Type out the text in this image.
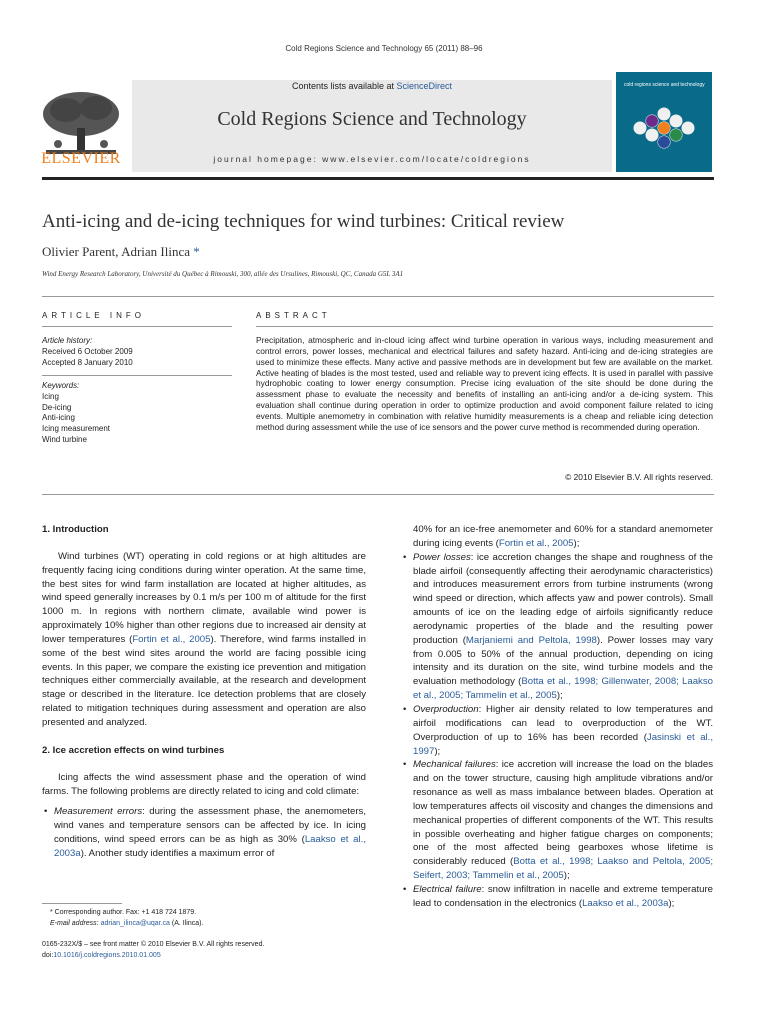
Cold Regions Science and Technology 65 (2011) 88–96
ELSEVIER
Contents lists available at ScienceDirect
Cold Regions Science and Technology
journal homepage: www.elsevier.com/locate/coldregions
cold regions science and technology
Anti-icing and de-icing techniques for wind turbines: Critical review
Olivier Parent, Adrian Ilinca *
Wind Energy Research Laboratory, Université du Québec à Rimouski, 300, allée des Ursulines, Rimouski, QC, Canada G5L 3A1
ARTICLE INFO
Article history:
Received 6 October 2009
Accepted 8 January 2010
Keywords:
Icing
De-icing
Anti-icing
Icing measurement
Wind turbine
ABSTRACT
Precipitation, atmospheric and in-cloud icing affect wind turbine operation in various ways, including measurement and control errors, power losses, mechanical and electrical failures and safety hazard. Anti-icing and de-icing strategies are used to minimize these effects. Many active and passive methods are in development but few are available on the market. Active heating of blades is the most tested, used and reliable way to prevent icing effects. It is used in parallel with passive hydrophobic coating to lower energy consumption. Precise icing evaluation of the site should be done during the assessment phase to evaluate the necessity and benefits of installing an anti-icing and/or a de-icing system. This evaluation shall continue during operation in order to optimize production and avoid component failure related to icing events. Multiple anemometry in combination with relative humidity measurements is a cheap and reliable icing detection method during assessment while the use of ice sensors and the power curve method is recommended during operation.
© 2010 Elsevier B.V. All rights reserved.
1. Introduction

Wind turbines (WT) operating in cold regions or at high altitudes are frequently facing icing conditions during winter operation. At the same time, the best sites for wind farm installation are located at higher altitudes, as wind speed generally increases by 0.1 m/s per 100 m of altitude for the first 1000 m. In regions with northern climate, available wind power is approximately 10% higher than other regions due to increased air density at lower temperatures (Fortin et al., 2005). Therefore, wind farms installed in some of the best wind sites around the world are facing possible icing events. In this paper, we compare the existing ice prevention and mitigation techniques either commercially available, at the research and development stage or described in the literature. Ice detection problems that are closely related to mitigation techniques during assessment and operation are also presented and analyzed.

2. Ice accretion effects on wind turbines

Icing affects the wind assessment phase and the operation of wind farms. The following problems are directly related to icing and cold climate:

• Measurement errors: during the assessment phase, the anemometers, wind vanes and temperature sensors can be affected by ice. In icing conditions, wind speed errors can be as high as 30% (Laakso et al., 2003a). Another study identifies a maximum error of

40% for an ice-free anemometer and 60% for a standard anemometer during icing events (Fortin et al., 2005);

• Power losses: ice accretion changes the shape and roughness of the blade airfoil (consequently affecting their aerodynamic characteristics) and introduces measurement errors from turbine instruments (wrong wind speed or direction, which affects yaw and power controls). Small amounts of ice on the leading edge of airfoils significantly reduce aerodynamic properties of the blade and the resulting power production (Marjaniemi and Peltola, 1998). Power losses may vary from 0.005 to 50% of the annual production, depending on icing intensity and its duration on the site, wind turbine models and the evaluation methodology (Botta et al., 1998; Gillenwater, 2008; Laakso et al., 2005; Tammelin et al., 2005);

• Overproduction: Higher air density related to low temperatures and airfoil modifications can lead to overproduction of the WT. Overproduction of up to 16% has been recorded (Jasinski et al., 1997);

• Mechanical failures: ice accretion will increase the load on the blades and on the tower structure, causing high amplitude vibrations and/or resonance as well as mass imbalance between blades. Operation at low temperatures affects oil viscosity and changes the dimensions and mechanical properties of different components of the WT. This results in possible overheating and higher fatigue charges on components; one of the most affected being gearboxes whose lifetime is considerably reduced (Botta et al., 1998; Laakso and Peltola, 2005; Seifert, 2003; Tammelin et al., 2005);

• Electrical failure: snow infiltration in nacelle and extreme temperature lead to condensation in the electronics (Laakso et al., 2003a);

* Corresponding author. Fax: +1 418 724 1879.
E-mail address: adrian_ilinca@uqar.ca (A. Ilinca).
0165-232X/$ – see front matter © 2010 Elsevier B.V. All rights reserved.
doi:10.1016/j.coldregions.2010.01.005
